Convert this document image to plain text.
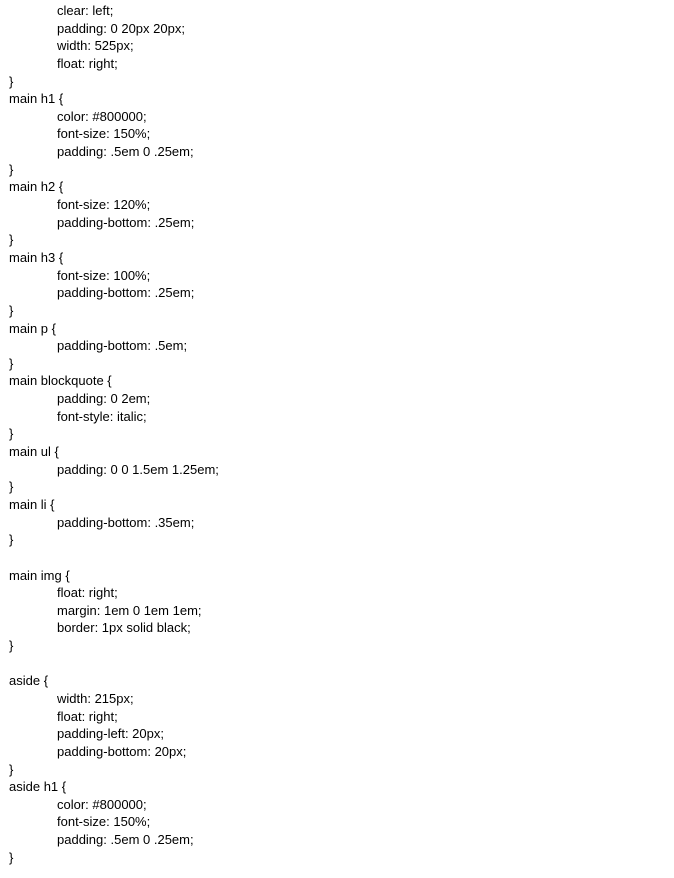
clear: left;
padding: 0 20px 20px;
width: 525px;
float: right;
}
main h1 {
color: #800000;
font-size: 150%;
padding: .5em 0 .25em;
}
main h2 {
font-size: 120%;
padding-bottom: .25em;
}
main h3 {
font-size: 100%;
padding-bottom: .25em;
}
main p {
padding-bottom: .5em;
}
main blockquote {
padding: 0 2em;
font-style: italic;
}
main ul {
padding: 0 0 1.5em 1.25em;
}
main li {
padding-bottom: .35em;
}
main img {
float: right;
margin: 1em 0 1em 1em;
border: 1px solid black;
}
aside {
width: 215px;
float: right;
padding-left: 20px;
padding-bottom: 20px;
}
aside h1 {
color: #800000;
font-size: 150%;
padding: .5em 0 .25em;
}
